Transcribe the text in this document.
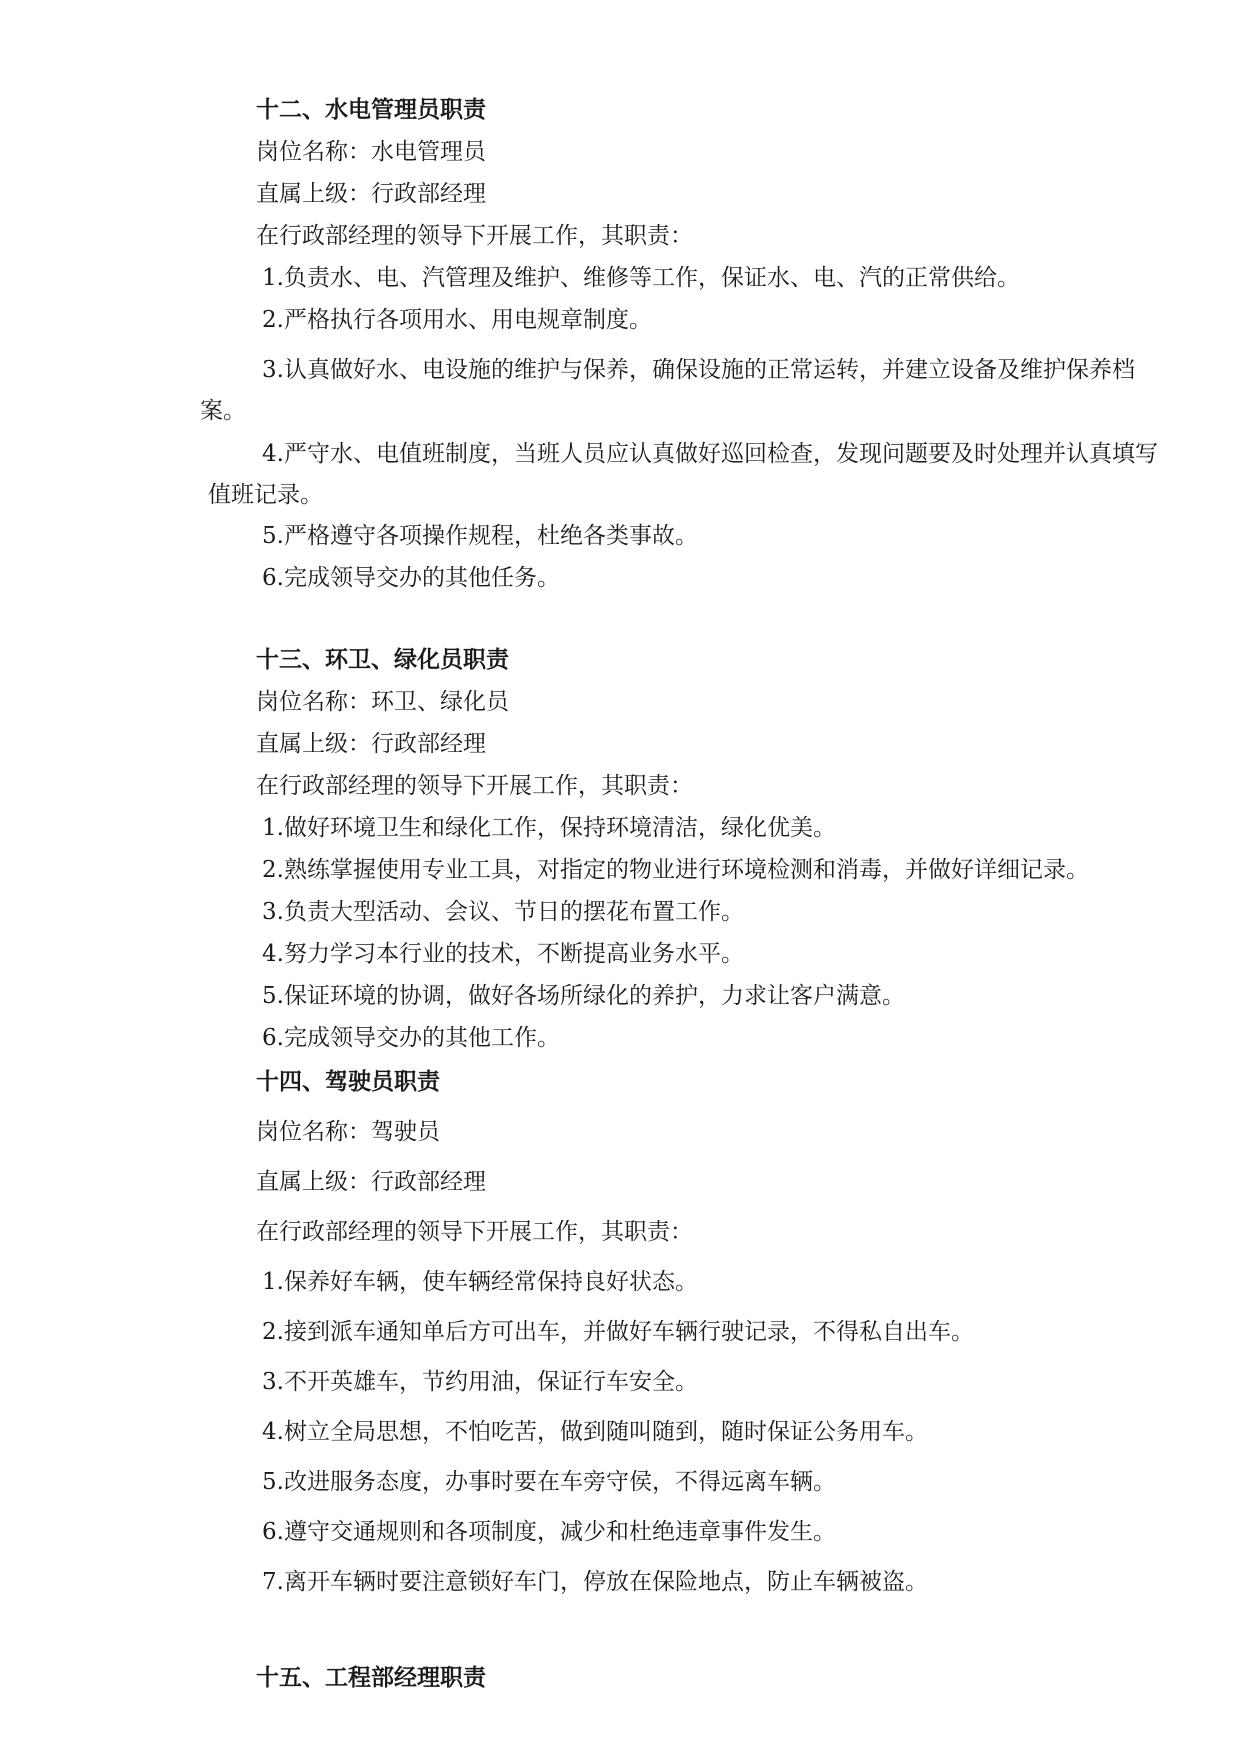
十二、水电管理员职责
岗位名称：水电管理员
直属上级：行政部经理
在行政部经理的领导下开展工作，其职责：
1.负责水、电、汽管理及维护、维修等工作，保证水、电、汽的正常供给。
2.严格执行各项用水、用电规章制度。
3.认真做好水、电设施的维护与保养，确保设施的正常运转，并建立设备及维护保养档案。
4.严守水、电值班制度，当班人员应认真做好巡回检查，发现问题要及时处理并认真填写值班记录。
5.严格遵守各项操作规程，杜绝各类事故。
6.完成领导交办的其他任务。
十三、环卫、绿化员职责
岗位名称：环卫、绿化员
直属上级：行政部经理
在行政部经理的领导下开展工作，其职责：
1.做好环境卫生和绿化工作，保持环境清洁，绿化优美。
2.熟练掌握使用专业工具，对指定的物业进行环境检测和消毒，并做好详细记录。
3.负责大型活动、会议、节日的摆花布置工作。
4.努力学习本行业的技术，不断提高业务水平。
5.保证环境的协调，做好各场所绿化的养护，力求让客户满意。
6.完成领导交办的其他工作。
十四、驾驶员职责
岗位名称：驾驶员
直属上级：行政部经理
在行政部经理的领导下开展工作，其职责：
1.保养好车辆，使车辆经常保持良好状态。
2.接到派车通知单后方可出车，并做好车辆行驶记录，不得私自出车。
3.不开英雄车，节约用油，保证行车安全。
4.树立全局思想，不怕吃苦，做到随叫随到，随时保证公务用车。
5.改进服务态度，办事时要在车旁守侯，不得远离车辆。
6.遵守交通规则和各项制度，减少和杜绝违章事件发生。
7.离开车辆时要注意锁好车门，停放在保险地点，防止车辆被盗。
十五、工程部经理职责
